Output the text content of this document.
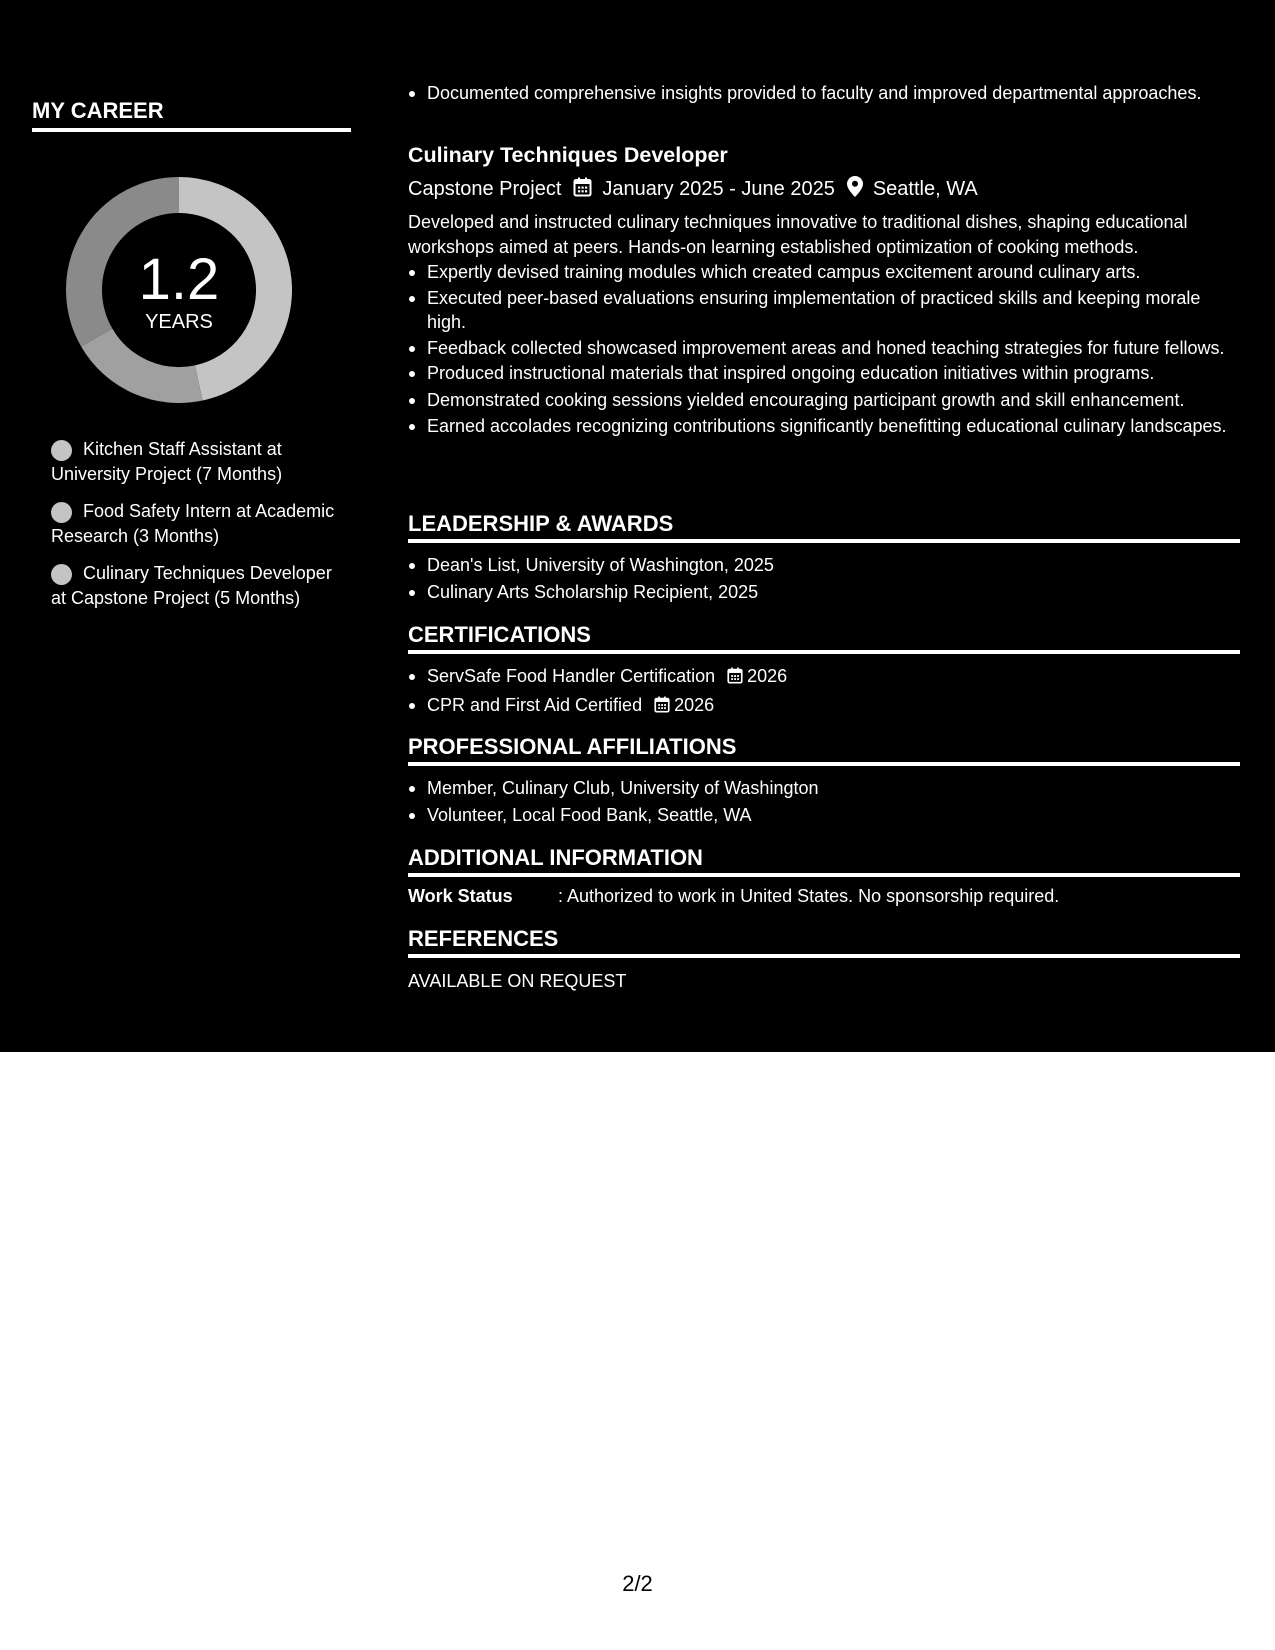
MY CAREER
1.2
YEARS
Kitchen Staff Assistant at University Project (7 Months)
Food Safety Intern at Academic Research (3 Months)
Culinary Techniques Developer at Capstone Project (5 Months)
Documented comprehensive insights provided to faculty and improved departmental approaches.
Culinary Techniques Developer
Capstone Project January 2025 - June 2025 Seattle, WA
Developed and instructed culinary techniques innovative to traditional dishes, shaping educational workshops aimed at peers. Hands-on learning established optimization of cooking methods.
Expertly devised training modules which created campus excitement around culinary arts.
Executed peer-based evaluations ensuring implementation of practiced skills and keeping morale high.
Feedback collected showcased improvement areas and honed teaching strategies for future fellows.
Produced instructional materials that inspired ongoing education initiatives within programs.
Demonstrated cooking sessions yielded encouraging participant growth and skill enhancement.
Earned accolades recognizing contributions significantly benefitting educational culinary landscapes.
LEADERSHIP & AWARDS
Dean's List, University of Washington, 2025
Culinary Arts Scholarship Recipient, 2025
CERTIFICATIONS
ServSafe Food Handler Certification 2026
CPR and First Aid Certified 2026
PROFESSIONAL AFFILIATIONS
Member, Culinary Club, University of Washington
Volunteer, Local Food Bank, Seattle, WA
ADDITIONAL INFORMATION
Work Status	: Authorized to work in United States. No sponsorship required.
REFERENCES
AVAILABLE ON REQUEST
2/2
